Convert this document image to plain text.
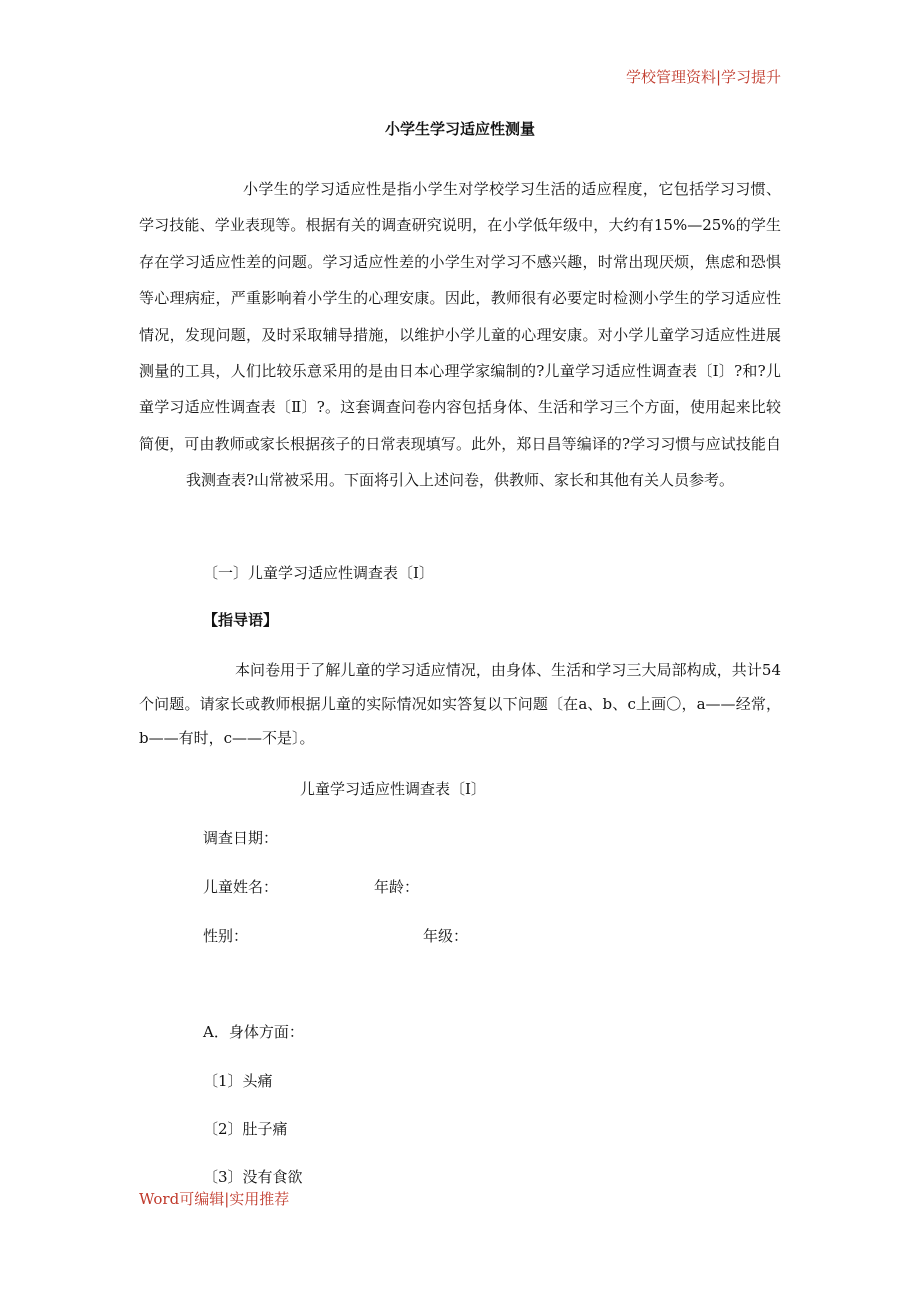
学校管理资料|学习提升
小学生学习适应性测量

小学生的学习适应性是指小学生对学校学习生活的适应程度，它包括学习习惯、学习技能、学业表现等。根据有关的调查研究说明，在小学低年级中，大约有15%—25%的学生存在学习适应性差的问题。学习适应性差的小学生对学习不感兴趣，时常出现厌烦，焦虑和恐惧等心理病症，严重影响着小学生的心理安康。因此，教师很有必要定时检测小学生的学习适应性情况，发现问题，及时采取辅导措施，以维护小学儿童的心理安康。对小学儿童学习适应性进展测量的工具，人们比较乐意采用的是由日本心理学家编制的?儿童学习适应性调查表〔Ⅰ〕?和?儿童学习适应性调查表〔Ⅱ〕?。这套调查问卷内容包括身体、生活和学习三个方面，使用起来比较简便，可由教师或家长根据孩子的日常表现填写。此外，郑日昌等编译的?学习习惯与应试技能自我测查表?山常被采用。下面将引入上述问卷，供教师、家长和其他有关人员参考。

〔一〕儿童学习适应性调查表〔Ⅰ〕
【指导语】

本问卷用于了解儿童的学习适应情况，由身体、生活和学习三大局部构成，共计54个问题。请家长或教师根据儿童的实际情况如实答复以下问题〔在a、b、c上画〇，a——经常，b——有时，c——不是〕。

儿童学习适应性调查表〔Ⅰ〕
调查日期：
儿童姓名：	年龄：
性别：	年级：
A．身体方面：
〔1〕头痛
〔2〕肚子痛
〔3〕没有食欲
Word可编辑|实用推荐
